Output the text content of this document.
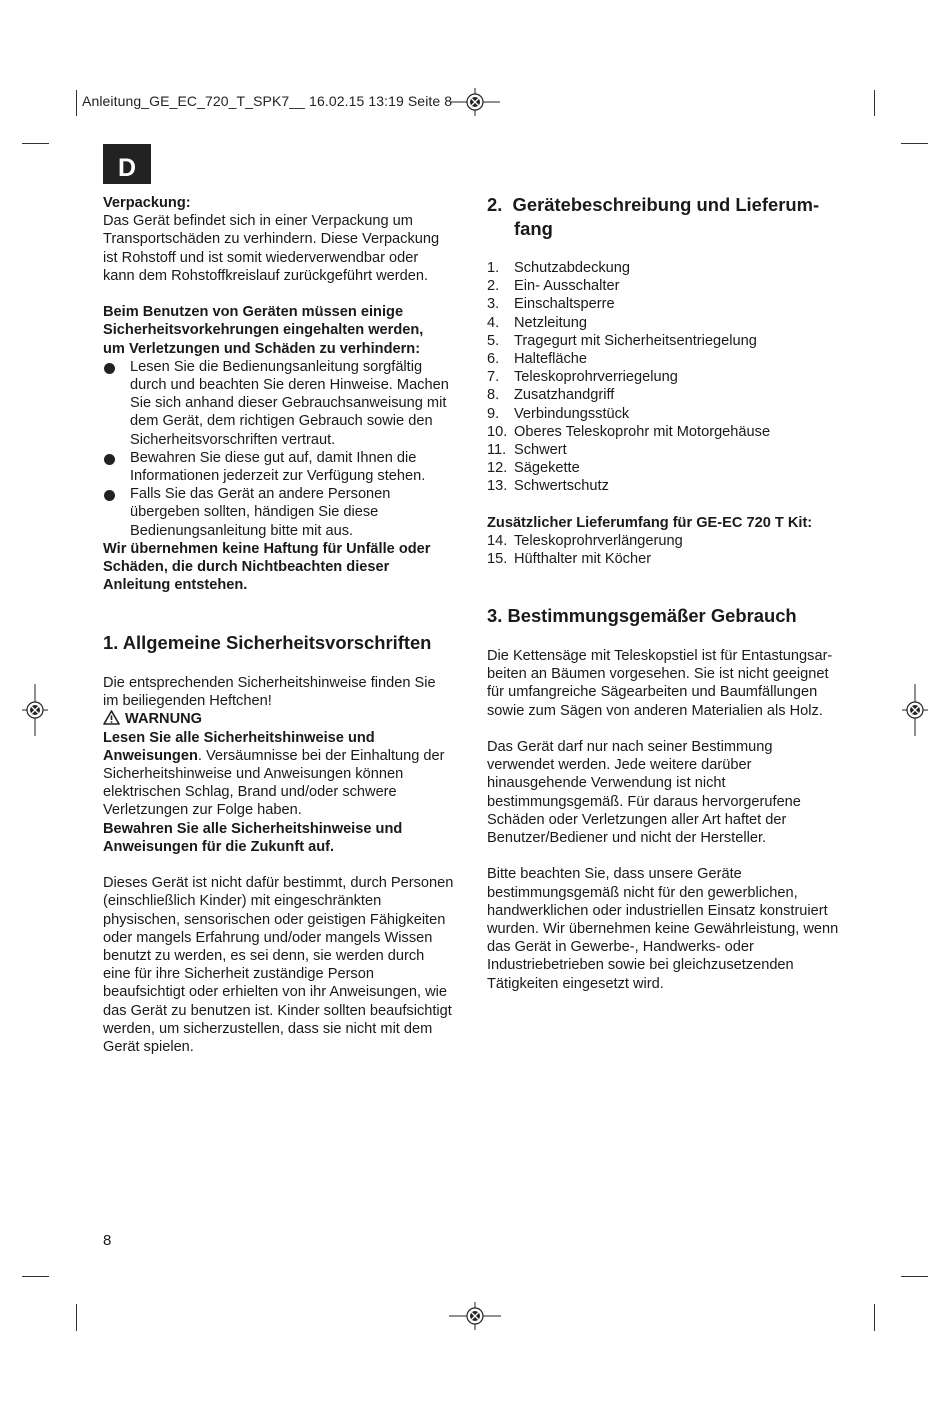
Anleitung_GE_EC_720_T_SPK7__ 16.02.15 13:19 Seite 8
D

Verpackung:

Das Gerät befindet sich in einer Verpackung um

Transportschäden zu verhindern. Diese Verpackung

ist Rohstoff und ist somit wiederverwendbar oder

kann dem Rohstoffkreislauf zurückgeführt werden.

Beim Benutzen von Geräten müssen einige

Sicherheitsvorkehrungen eingehalten werden,

um Verletzungen und Schäden zu verhindern:

Lesen Sie die Bedienungsanleitung sorgfältig

durch und beachten Sie deren Hinweise. Machen

Sie sich anhand dieser Gebrauchsanweisung mit

dem Gerät, dem richtigen Gebrauch sowie den

Sicherheitsvorschriften vertraut.

Bewahren Sie diese gut auf, damit Ihnen die

Informationen jederzeit zur Verfügung stehen.

Falls Sie das Gerät an andere Personen

übergeben sollten, händigen Sie diese

Bedienungsanleitung bitte mit aus.

Wir übernehmen keine Haftung für Unfälle oder

Schäden, die durch Nichtbeachten dieser

Anleitung entstehen.

1. Allgemeine Sicherheitsvorschriften

Die entsprechenden Sicherheitshinweise finden Sie

im beiliegenden Heftchen!

WARNUNG

Lesen Sie alle Sicherheitshinweise und

Anweisungen. Versäumnisse bei der Einhaltung der

Sicherheitshinweise und Anweisungen können

elektrischen Schlag, Brand und/oder schwere

Verletzungen zur Folge haben.

Bewahren Sie alle Sicherheitshinweise und

Anweisungen für die Zukunft auf.

Dieses Gerät ist nicht dafür bestimmt, durch Personen

(einschließlich Kinder) mit eingeschränkten

physischen, sensorischen oder geistigen Fähigkeiten

oder mangels Erfahrung und/oder mangels Wissen

benutzt zu werden, es sei denn, sie werden durch

eine für ihre Sicherheit zuständige Person

beaufsichtigt oder erhielten von ihr Anweisungen, wie

das Gerät zu benutzen ist. Kinder sollten beaufsichtigt

werden, um sicherzustellen, dass sie nicht mit dem

Gerät spielen.

2.  Gerätebeschreibung und Lieferum-
fang
1.	Schutzabdeckung
2.	Ein- Ausschalter
3.	Einschaltsperre
4.	Netzleitung
5.	Tragegurt mit Sicherheitsentriegelung
6.	Haltefläche
7.	Teleskoprohrverriegelung
8.	Zusatzhandgriff
9.	Verbindungsstück
10. Oberes Teleskoprohr mit Motorgehäuse
11. Schwert
12. Sägekette
13. Schwertschutz

Zusätzlicher Lieferumfang für GE-EC 720 T Kit:

14. Teleskoprohrverlängerung
15. Hüfthalter mit Köcher
3. Bestimmungsgemäßer Gebrauch

Die Kettensäge mit Teleskopstiel ist für Entastungsar-

beiten an Bäumen vorgesehen. Sie ist nicht geeignet

für umfangreiche Sägearbeiten und Baumfällungen

sowie zum Sägen von anderen Materialien als Holz.

Das Gerät darf nur nach seiner Bestimmung

verwendet werden. Jede weitere darüber

hinausgehende Verwendung ist nicht

bestimmungsgemäß. Für daraus hervorgerufene

Schäden oder Verletzungen aller Art haftet der

Benutzer/Bediener und nicht der Hersteller.

Bitte beachten Sie, dass unsere Geräte

bestimmungsgemäß nicht für den gewerblichen,

handwerklichen oder industriellen Einsatz konstruiert

wurden. Wir übernehmen keine Gewährleistung, wenn

das Gerät in Gewerbe-, Handwerks- oder

Industriebetrieben sowie bei gleichzusetzenden

Tätigkeiten eingesetzt wird.

8
